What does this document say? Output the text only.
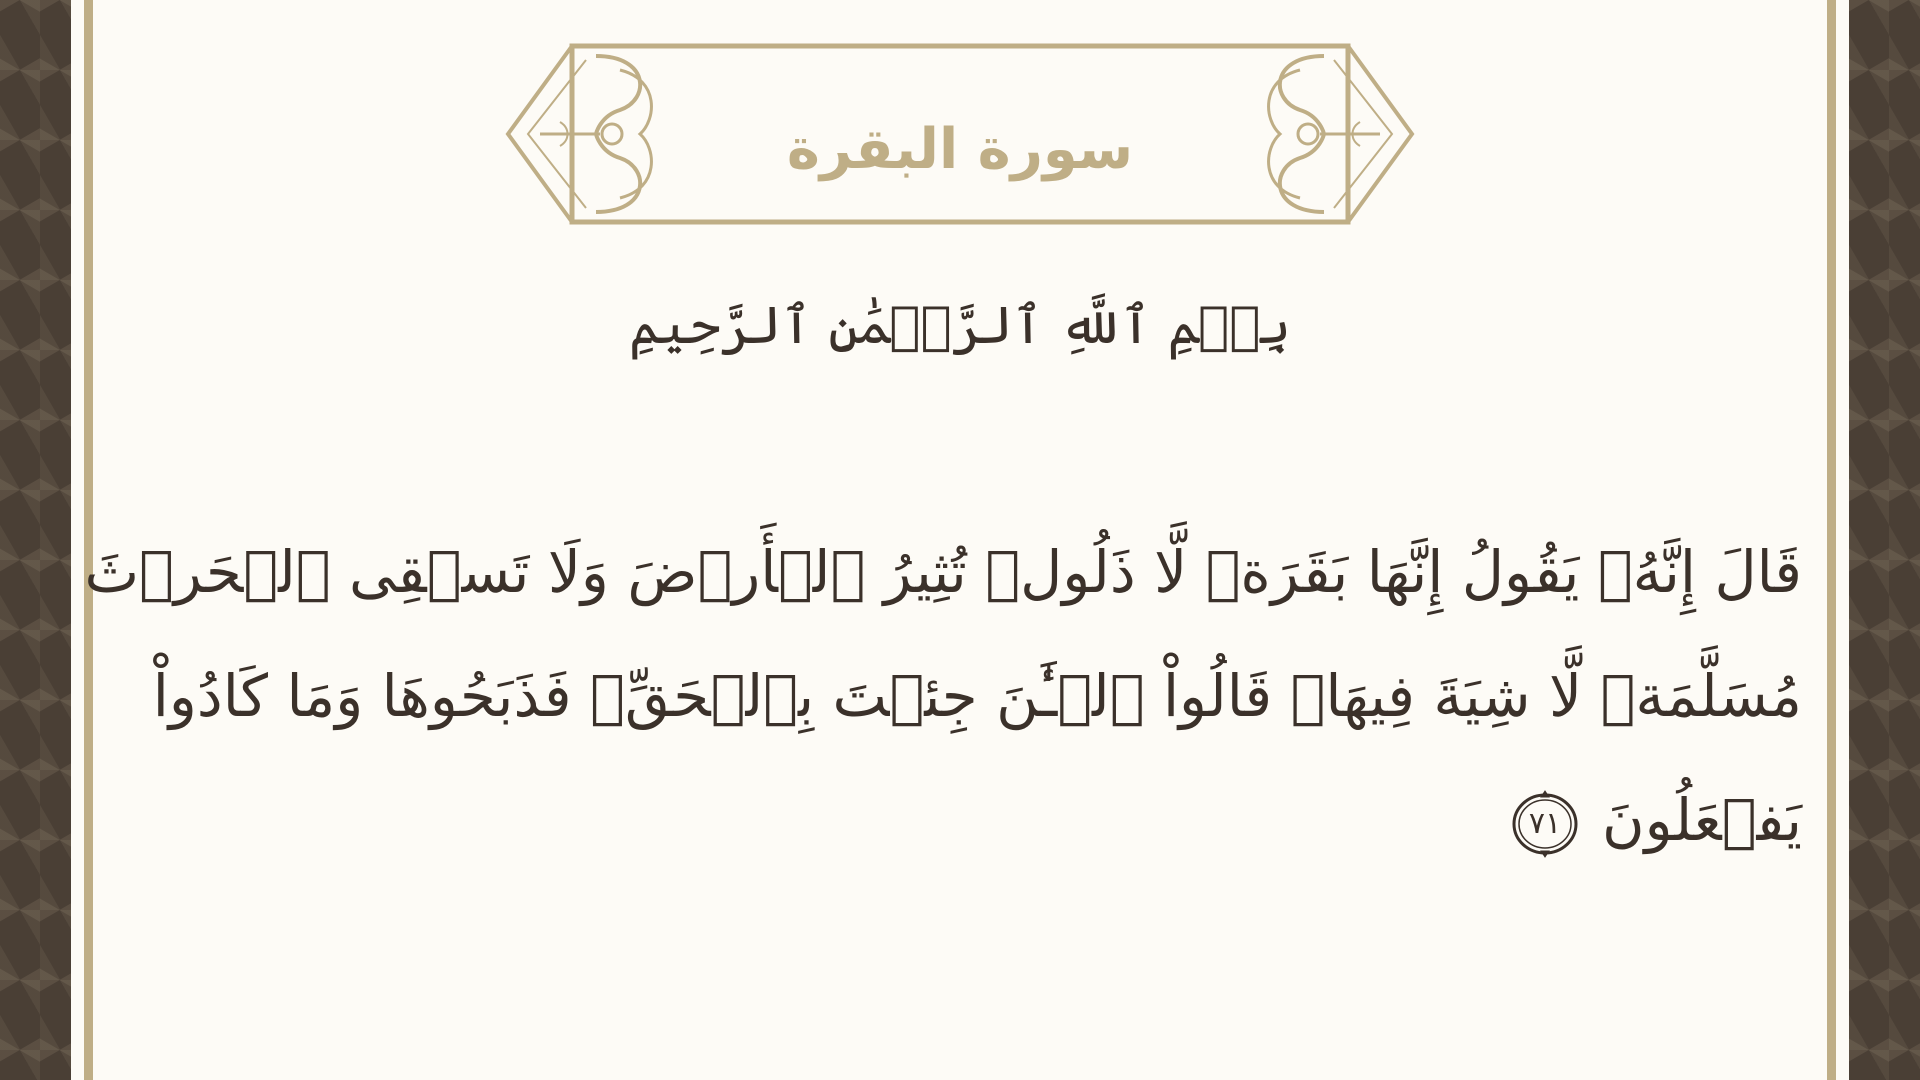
سورة البقرة
بِسۡمِ ٱللَّهِ ٱلرَّحۡمَٰنِ ٱلرَّحِيمِ
قَالَ إِنَّهُۥ يَقُولُ إِنَّهَا بَقَرَةٞ لَّا ذَلُولٞ تُثِيرُ ٱلۡأَرۡضَ وَلَا تَسۡقِى ٱلۡحَرۡثَ
مُسَلَّمَةٞ لَّا شِيَةَ فِيهَاۚ قَالُواْ ٱلۡـَٰٔنَ جِئۡتَ بِٱلۡحَقِّۚ فَذَبَحُوهَا وَمَا كَادُواْ
يَفۡعَلُونَ
٧١
